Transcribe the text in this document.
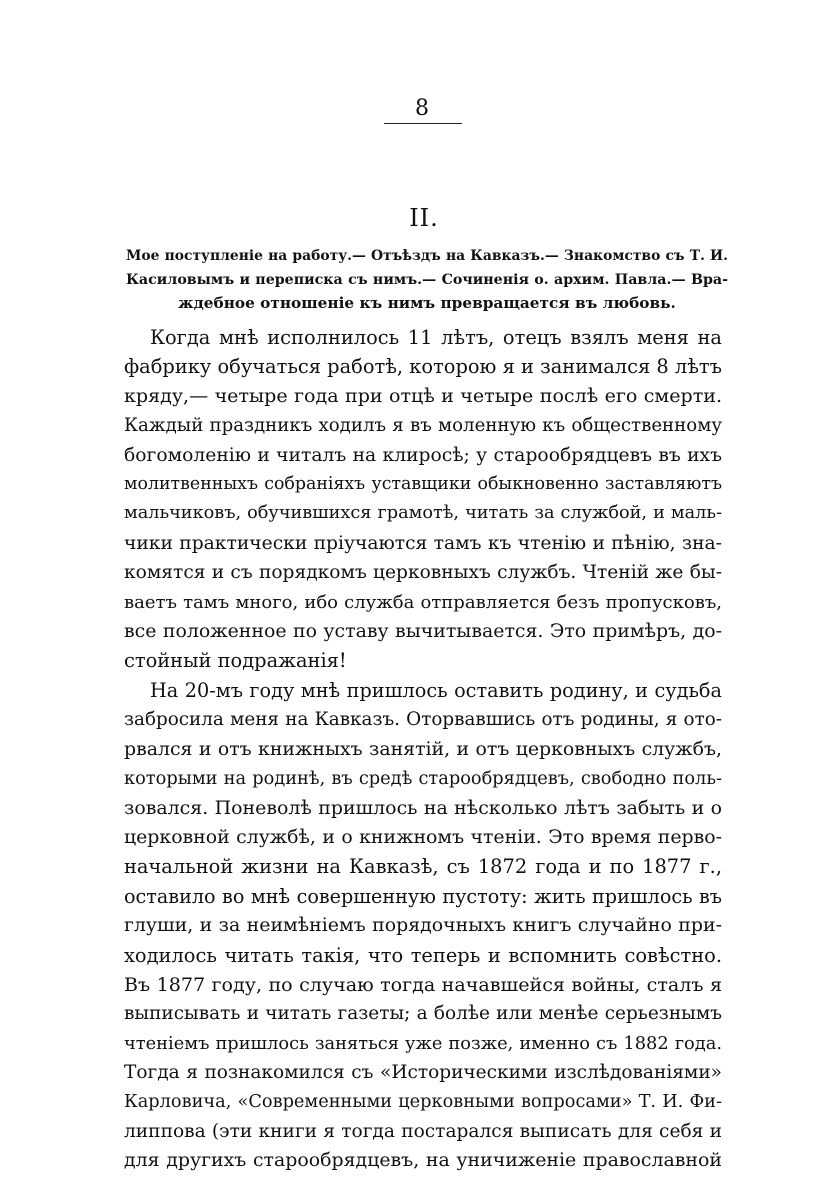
8
II.
Мое поступленіе на работу.— Отъѣздъ на Кавказъ.— Знакомство съ Т. И.
Касиловымъ и переписка съ нимъ.— Сочиненія о. архим. Павла.— Вра-
ждебное отношеніе къ нимъ превращается въ любовь.
Когда мнѣ исполнилось 11 лѣтъ, отецъ взялъ меня на
фабрику обучаться работѣ, которою я и занимался 8 лѣтъ
кряду,— четыре года при отцѣ и четыре послѣ его смерти.
Каждый праздникъ ходилъ я въ моленную къ общественному
богомоленію и читалъ на клиросѣ; у старообрядцевъ въ ихъ
молитвенныхъ собраніяхъ уставщики обыкновенно заставляютъ
мальчиковъ, обучившихся грамотѣ, читать за службой, и маль-
чики практически пріучаются тамъ къ чтенію и пѣнію, зна-
комятся и съ порядкомъ церковныхъ службъ. Чтеній же бы-
ваетъ тамъ много, ибо служба отправляется безъ пропусковъ,
все положенное по уставу вычитывается. Это примѣръ, до-
стойный подражанія!
На 20-мъ году мнѣ пришлось оставить родину, и судьба
забросила меня на Кавказъ. Оторвавшись отъ родины, я ото-
рвался и отъ книжныхъ занятій, и отъ церковныхъ службъ,
которыми на родинѣ, въ средѣ старообрядцевъ, свободно поль-
зовался. Поневолѣ пришлось на нѣсколько лѣтъ забыть и о
церковной службѣ, и о книжномъ чтеніи. Это время перво-
начальной жизни на Кавказѣ, съ 1872 года и по 1877 г.,
оставило во мнѣ совершенную пустоту: жить пришлось въ
глуши, и за неимѣніемъ порядочныхъ книгъ случайно при-
ходилось читать такія, что теперь и вспомнить совѣстно.
Въ 1877 году, по случаю тогда начавшейся войны, сталъ я
выписывать и читать газеты; а болѣе или менѣе серьезнымъ
чтеніемъ пришлось заняться уже позже, именно съ 1882 года.
Тогда я познакомился съ «Историческими изслѣдованіями»
Карловича, «Современными церковными вопросами» Т. И. Фи-
липпова (эти книги я тогда постарался выписать для себя и
для другихъ старообрядцевъ, на уничиженіе православной
